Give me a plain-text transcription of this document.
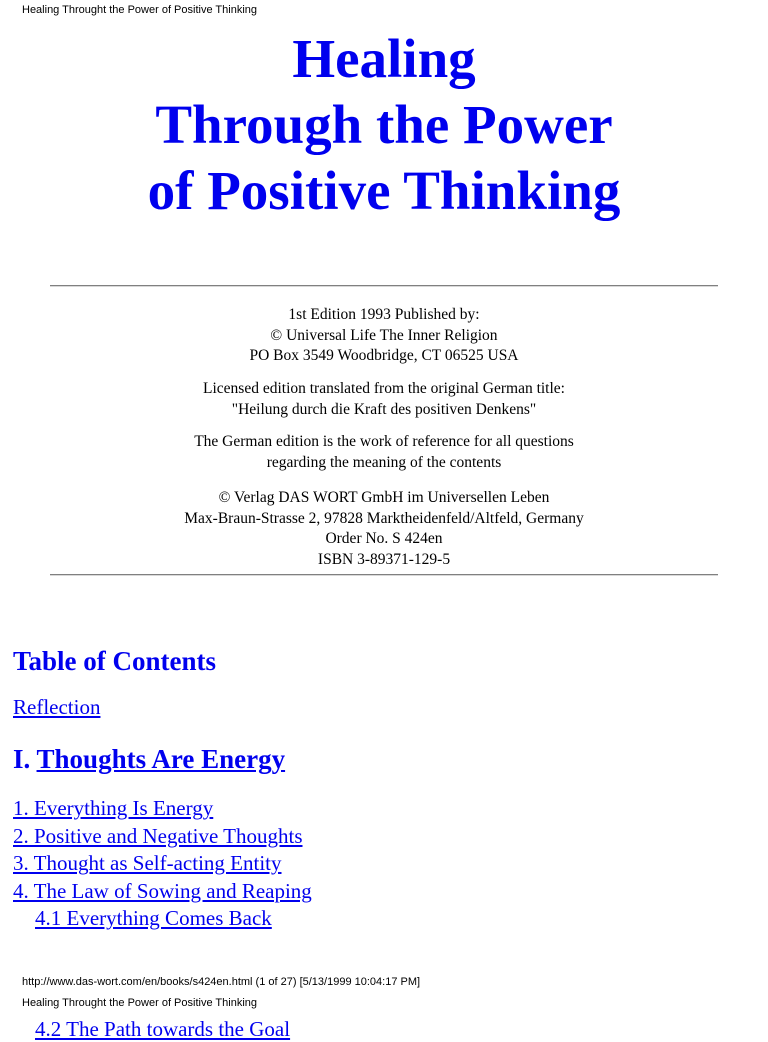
Healing Throught the Power of Positive Thinking
Healing
Through the Power
of Positive Thinking

1st Edition 1993 Published by:
© Universal Life The Inner Religion
PO Box 3549 Woodbridge, CT 06525 USA

Licensed edition translated from the original German title:
"Heilung durch die Kraft des positiven Denkens"

The German edition is the work of reference for all questions
regarding the meaning of the contents

© Verlag DAS WORT GmbH im Universellen Leben
Max-Braun-Strasse 2, 97828 Marktheidenfeld/Altfeld, Germany
Order No. S 424en
ISBN 3-89371-129-5

Table of Contents
Reflection
I. Thoughts Are Energy
1. Everything Is Energy
2. Positive and Negative Thoughts
3. Thought as Self-acting Entity
4. The Law of Sowing and Reaping
4.1 Everything Comes Back
http://www.das-wort.com/en/books/s424en.html (1 of 27) [5/13/1999 10:04:17 PM]
Healing Throught the Power of Positive Thinking
4.2 The Path towards the Goal
